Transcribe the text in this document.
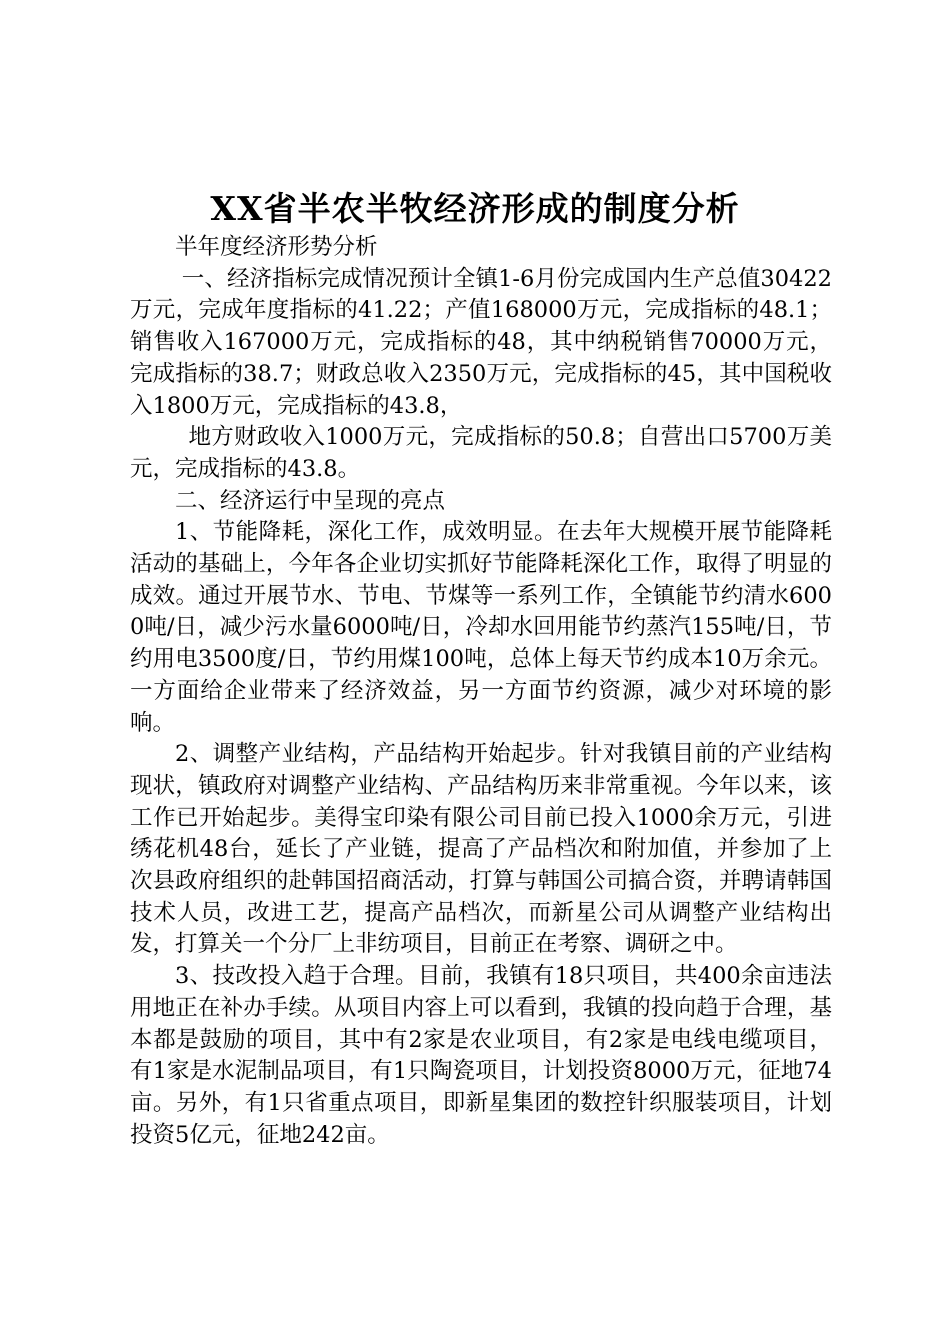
XX省半农半牧经济形成的制度分析

半年度经济形势分析

一、经济指标完成情况预计全镇1-6月份完成国内生产总值30422万元，完成年度指标的41.22；产值168000万元，完成指标的48.1；销售收入167000万元，完成指标的48，其中纳税销售70000万元，完成指标的38.7；财政总收入2350万元，完成指标的45，其中国税收入1800万元，完成指标的43.8，

地方财政收入1000万元，完成指标的50.8；自营出口5700万美元，完成指标的43.8。

二、经济运行中呈现的亮点

1、节能降耗，深化工作，成效明显。在去年大规模开展节能降耗活动的基础上，今年各企业切实抓好节能降耗深化工作，取得了明显的成效。通过开展节水、节电、节煤等一系列工作，全镇能节约清水6000吨/日，减少污水量6000吨/日，冷却水回用能节约蒸汽155吨/日，节约用电3500度/日，节约用煤100吨，总体上每天节约成本10万余元。一方面给企业带来了经济效益，另一方面节约资源，减少对环境的影响。

2、调整产业结构，产品结构开始起步。针对我镇目前的产业结构现状，镇政府对调整产业结构、产品结构历来非常重视。今年以来，该工作已开始起步。美得宝印染有限公司目前已投入1000余万元，引进绣花机48台，延长了产业链，提高了产品档次和附加值，并参加了上次县政府组织的赴韩国招商活动，打算与韩国公司搞合资，并聘请韩国技术人员，改进工艺，提高产品档次，而新星公司从调整产业结构出发，打算关一个分厂上非纺项目，目前正在考察、调研之中。

3、技改投入趋于合理。目前，我镇有18只项目，共400余亩违法用地正在补办手续。从项目内容上可以看到，我镇的投向趋于合理，基本都是鼓励的项目，其中有2家是农业项目，有2家是电线电缆项目，有1家是水泥制品项目，有1只陶瓷项目，计划投资8000万元，征地74亩。另外，有1只省重点项目，即新星集团的数控针织服装项目，计划投资5亿元，征地242亩。
